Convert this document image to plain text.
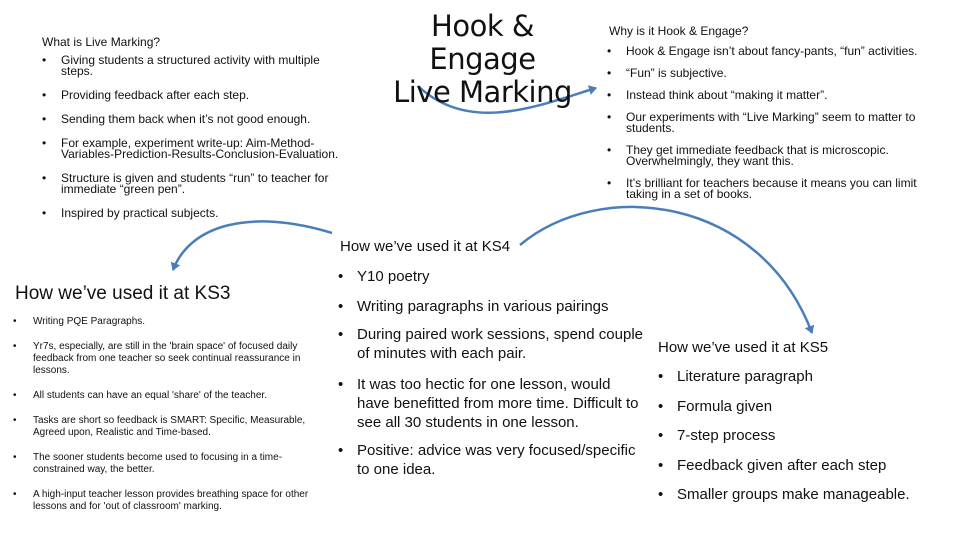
Hook & Engage
Live Marking
What is Live Marking?
• Giving students a structured activity with multiple steps.
• Providing feedback after each step.
• Sending them back when it’s not good enough.
• For example, experiment write-up: Aim-Method-Variables-Prediction-Results-Conclusion-Evaluation.
• Structure is given and students “run” to teacher for immediate “green pen”.
• Inspired by practical subjects.
Why is it Hook & Engage?
• Hook & Engage isn’t about fancy-pants, “fun” activities.
• “Fun” is subjective.
• Instead think about “making it matter”.
• Our experiments with “Live Marking” seem to matter to students.
• They get immediate feedback that is microscopic. Overwhelmingly, they want this.
• It’s brilliant for teachers because it means you can limit taking in a set of books.
How we’ve used it at KS4
• Y10 poetry
• Writing paragraphs in various pairings
• During paired work sessions, spend couple of minutes with each pair.
• It was too hectic for one lesson, would have benefitted from more time. Difficult to see all 30 students in one lesson.
• Positive: advice was very focused/specific to one idea.
How we’ve used it at KS3
• Writing PQE Paragraphs.
• Yr7s, especially, are still in the 'brain space' of focused daily feedback from one teacher so seek continual reassurance in lessons.
• All students can have an equal 'share' of the teacher.
• Tasks are short so feedback is SMART: Specific, Measurable, Agreed upon, Realistic and Time-based.
• The sooner students become used to focusing in a time-constrained way, the better.
• A high-input teacher lesson provides breathing space for other lessons and for 'out of classroom' marking.
How we’ve used it at KS5
• Literature paragraph
• Formula given
• 7-step process
• Feedback given after each step
• Smaller groups make manageable.
